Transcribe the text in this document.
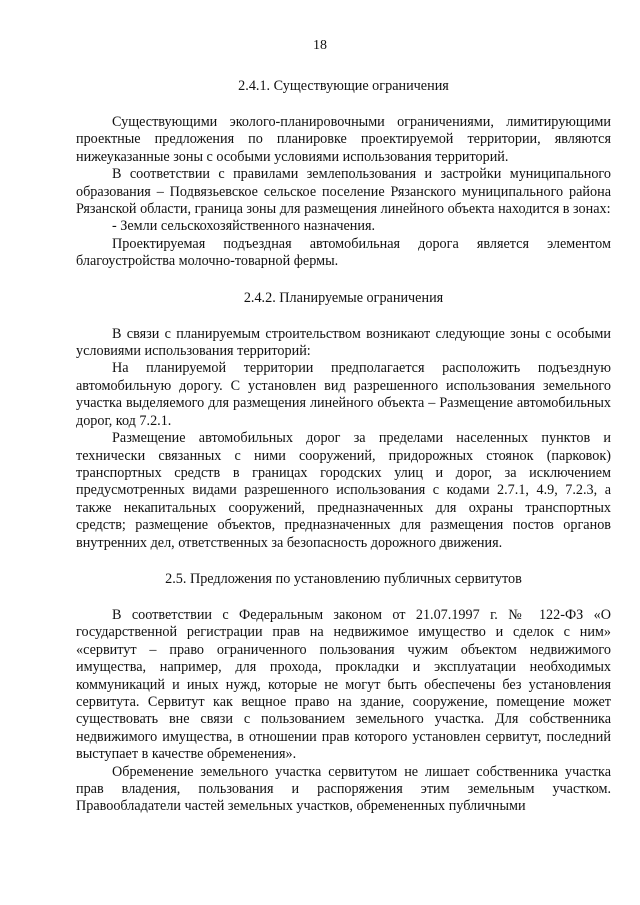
18

2.4.1. Существующие ограничения

Существующими эколого-планировочными ограничениями, лимитирующими проектные предложения по планировке проектируемой территории, являются нижеуказанные зоны с особыми условиями использования территорий.

В соответствии с правилами землепользования и застройки муниципального образования – Подвязьевское сельское поселение Рязанского муниципального района Рязанской области, граница зоны для размещения линейного объекта находится в зонах:

- Земли сельскохозяйственного назначения.

Проектируемая подъездная автомобильная дорога является элементом благоустройства молочно-товарной фермы.

2.4.2. Планируемые ограничения

В связи с планируемым строительством возникают следующие зоны с особыми условиями использования территорий:

На планируемой территории предполагается расположить подъездную автомобильную дорогу. С установлен вид разрешенного использования земельного участка выделяемого для размещения линейного объекта – Размещение автомобильных дорог, код 7.2.1.

Размещение автомобильных дорог за пределами населенных пунктов и технически связанных с ними сооружений, придорожных стоянок (парковок) транспортных средств в границах городских улиц и дорог, за исключением предусмотренных видами разрешенного использования с кодами 2.7.1, 4.9, 7.2.3, а также некапитальных сооружений, предназначенных для охраны транспортных средств; размещение объектов, предназначенных для размещения постов органов внутренних дел, ответственных за безопасность дорожного движения.

2.5. Предложения по установлению публичных сервитутов

В соответствии с Федеральным законом от 21.07.1997 г. № 122-ФЗ «О государственной регистрации прав на недвижимое имущество и сделок с ним» «сервитут – право ограниченного пользования чужим объектом недвижимого имущества, например, для прохода, прокладки и эксплуатации необходимых коммуникаций и иных нужд, которые не могут быть обеспечены без установления сервитута. Сервитут как вещное право на здание, сооружение, помещение может существовать вне связи с пользованием земельного участка. Для собственника недвижимого имущества, в отношении прав которого установлен сервитут, последний выступает в качестве обременения».

Обременение земельного участка сервитутом не лишает собственника участка прав владения, пользования и распоряжения этим земельным участком. Правообладатели частей земельных участков, обремененных публичными
